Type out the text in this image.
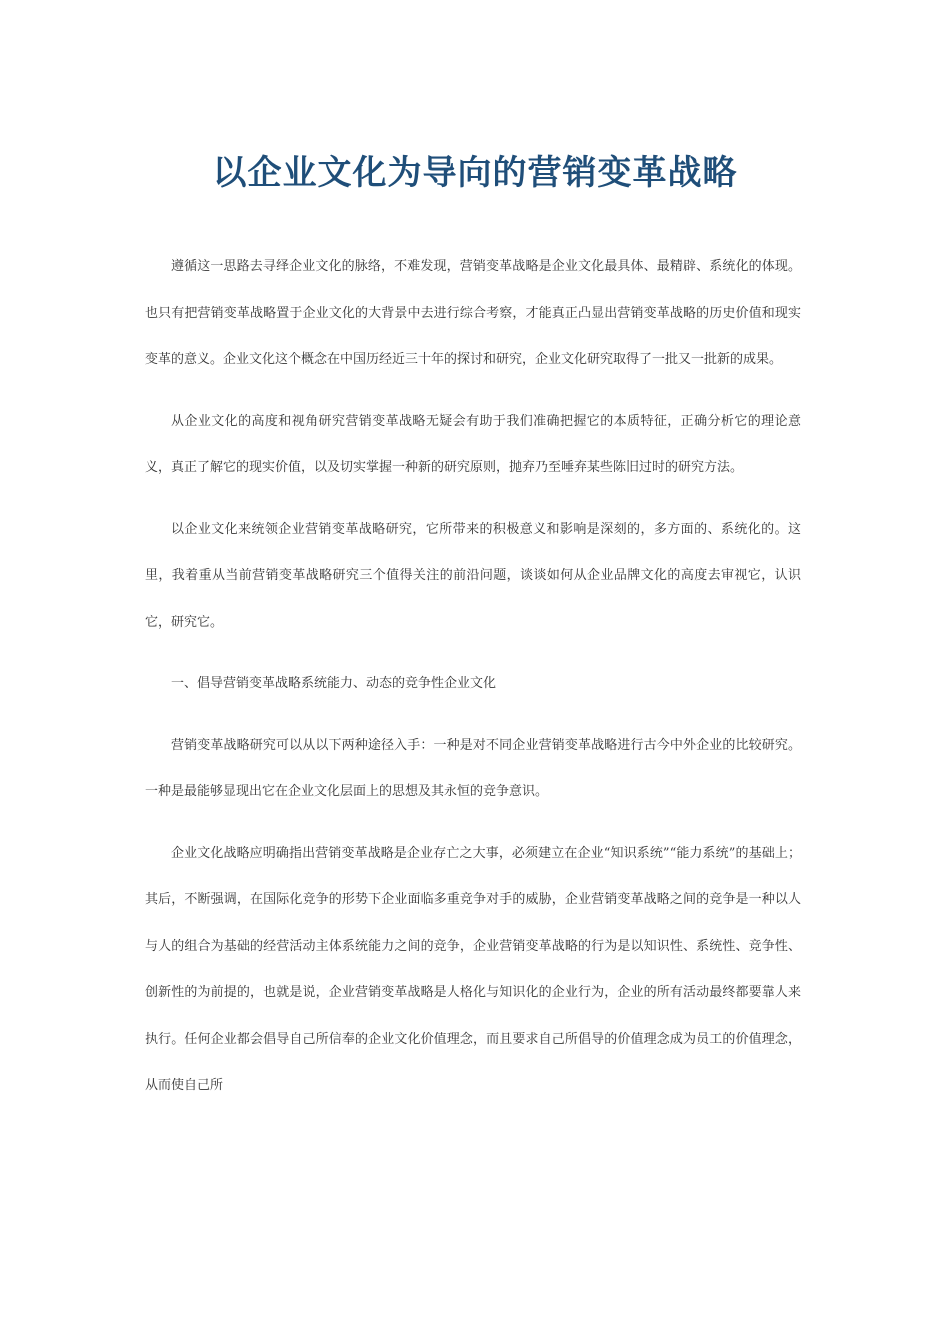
以企业文化为导向的营销变革战略

遵循这一思路去寻绎企业文化的脉络，不难发现，营销变革战略是企业文化最具体、最精辟、系统化的体现。也只有把营销变革战略置于企业文化的大背景中去进行综合考察，才能真正凸显出营销变革战略的历史价值和现实变革的意义。企业文化这个概念在中国历经近三十年的探讨和研究，企业文化研究取得了一批又一批新的成果。

从企业文化的高度和视角研究营销变革战略无疑会有助于我们准确把握它的本质特征，正确分析它的理论意义，真正了解它的现实价值，以及切实掌握一种新的研究原则，抛弃乃至唾弃某些陈旧过时的研究方法。

以企业文化来统领企业营销变革战略研究，它所带来的积极意义和影响是深刻的，多方面的、系统化的。这里，我着重从当前营销变革战略研究三个值得关注的前沿问题，谈谈如何从企业品牌文化的高度去审视它，认识它，研究它。

一、倡导营销变革战略系统能力、动态的竞争性企业文化

营销变革战略研究可以从以下两种途径入手：一种是对不同企业营销变革战略进行古今中外企业的比较研究。一种是最能够显现出它在企业文化层面上的思想及其永恒的竞争意识。

企业文化战略应明确指出营销变革战略是企业存亡之大事，必须建立在企业“知识系统”“能力系统”的基础上；其后，不断强调，在国际化竞争的形势下企业面临多重竞争对手的威胁，企业营销变革战略之间的竞争是一种以人与人的组合为基础的经营活动主体系统能力之间的竞争，企业营销变革战略的行为是以知识性、系统性、竞争性、创新性的为前提的，也就是说，企业营销变革战略是人格化与知识化的企业行为，企业的所有活动最终都要靠人来执行。任何企业都会倡导自己所信奉的企业文化价值理念，而且要求自己所倡导的价值理念成为员工的价值理念，从而使自己所
